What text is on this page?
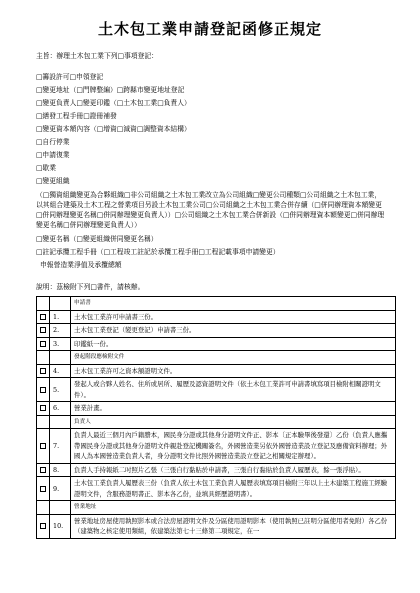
土木包工業申請登記函修正規定
主旨：辦理土木包工業下列□事項登記：
□籌設許可□申領登記
□變更地址（□門牌整編）□跨縣市變更地址登記
□變更負責人□變更印鑑（□土木包工業□負責人）
□繕發工程手冊□證冊補發
□變更資本額內容（□增資□減資□調整資本結構）
□自行停業
□申請復業
□歇業
□變更組織
（□獨資組織變更為合夥組織□非公司組織之土木包工業改立為公司組織□變更公司種類□公司組織之土木包工業，以其組合建築及土木工程之營業項目另設土木包工業公司□公司組織之土木包工業合併存續（□併同辦理資本額變更□併同辦理變更名稱□併同辦理變更負責人））□公司組織之土木包工業合併新設（□併同辦理資本額變更□併同辦理變更名稱□併同辦理變更負責人））
□變更名稱（□變更組織併同變更名稱）
□註記承攬工程手冊（□工程竣工註記於承攬工程手冊□工程記載事項申請變更）
申報營造業淨值及承攬總額
說明：茲檢附下列□書件，請核辦。
		申請書
	1.	土木包工業許可申請書三份。
	2.	土木包工業登記（變更登記）申請書三份。
	3.	印鑑紙一份。
		發起階段應檢附文件
	4.	土木包工業許可之資本額證明文件。
	5.	發起人或合夥人姓名、住所或居所、履歷及認資證明文件（依土木包工業許可申請書填寫項目檢附相關證明文件）。
	6.	營業計畫。
		負責人
	7.	負責人最近三個月內戶籍謄本，國民身分證或其他身分證明文件正、影本〔正本驗畢後發還〕乙份（負責人應攜帶國民身分證或其他身分證明文件親赴登記機關簽名，外國營造業另依外國營造業設立登記及應備資料辦理；外國人為本國營造業負責人者，身分證明文件比照外國營造業設立登記之相關規定辦理）。
	8.	負責人手持報紙二吋照片乙張（三張自行黏貼於申請書，三張自行黏貼於負責人履歷表，餘一張浮貼）。
	9.	土木包工業負責人履歷表三份（負責人依土木包工業負責人履歷表填寫項目檢附三年以上土木建築工程施工經驗證明文件，含服務證明書正、影本各乙份，並填具經歷證明書）。
		營業地址
	10.	營業地址房屋使用執照影本或合法房屋證明文件及分區使用證明影本（使用執照已註明分區使用者免附）各乙份（建築物之核定使用類組，依建築法第七十三條第二項規定，在一
